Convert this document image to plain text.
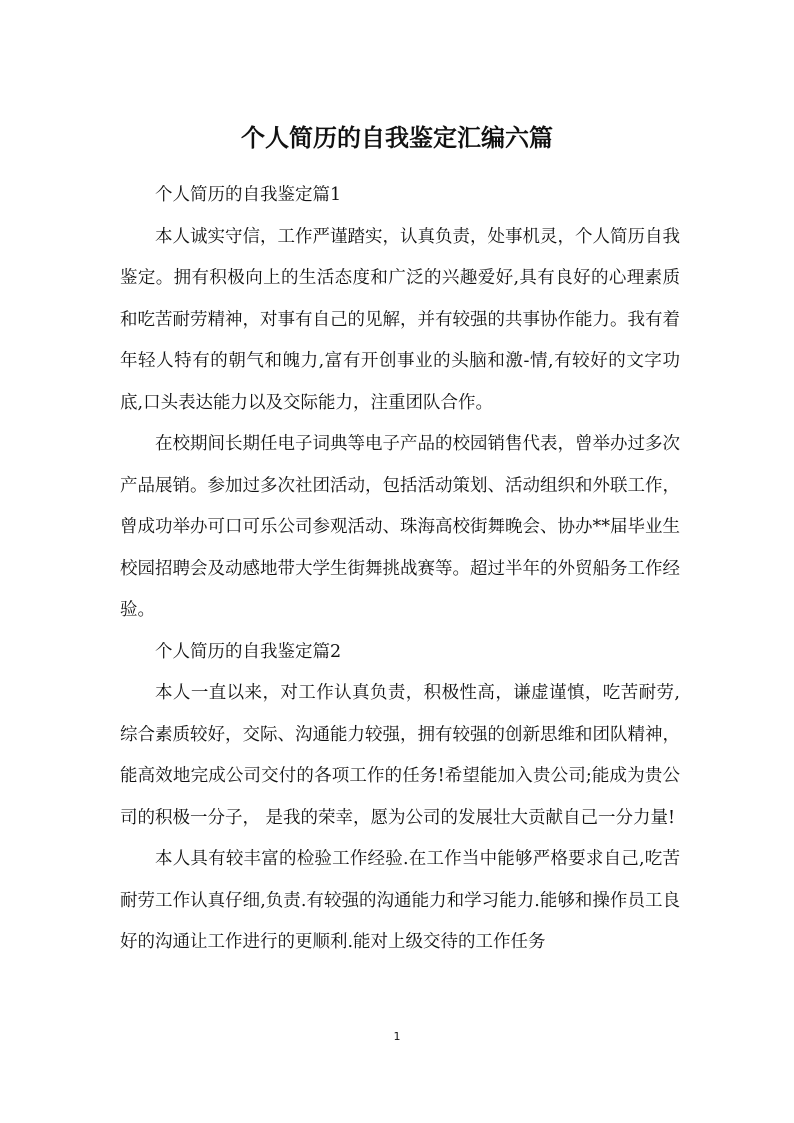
个人简历的自我鉴定汇编六篇

个人简历的自我鉴定篇1

本人诚实守信，工作严谨踏实，认真负责，处事机灵，个人简历自我鉴定。拥有积极向上的生活态度和广泛的兴趣爱好,具有良好的心理素质和吃苦耐劳精神，对事有自己的见解，并有较强的共事协作能力。我有着年轻人特有的朝气和魄力,富有开创事业的头脑和激-情,有较好的文字功底,口头表达能力以及交际能力，注重团队合作。

在校期间长期任电子词典等电子产品的校园销售代表，曾举办过多次产品展销。参加过多次社团活动，包括活动策划、活动组织和外联工作，曾成功举办可口可乐公司参观活动、珠海高校街舞晚会、协办**届毕业生校园招聘会及动感地带大学生街舞挑战赛等。超过半年的外贸船务工作经验。

个人简历的自我鉴定篇2

本人一直以来，对工作认真负责，积极性高，谦虚谨慎，吃苦耐劳,综合素质较好，交际、沟通能力较强，拥有较强的创新思维和团队精神，能高效地完成公司交付的各项工作的任务!希望能加入贵公司;能成为贵公司的积极一分子， 是我的荣幸，愿为公司的发展壮大贡献自己一分力量!

本人具有较丰富的检验工作经验.在工作当中能够严格要求自己,吃苦耐劳工作认真仔细,负责.有较强的沟通能力和学习能力.能够和操作员工良好的沟通让工作进行的更顺利.能对上级交待的工作任务

1
